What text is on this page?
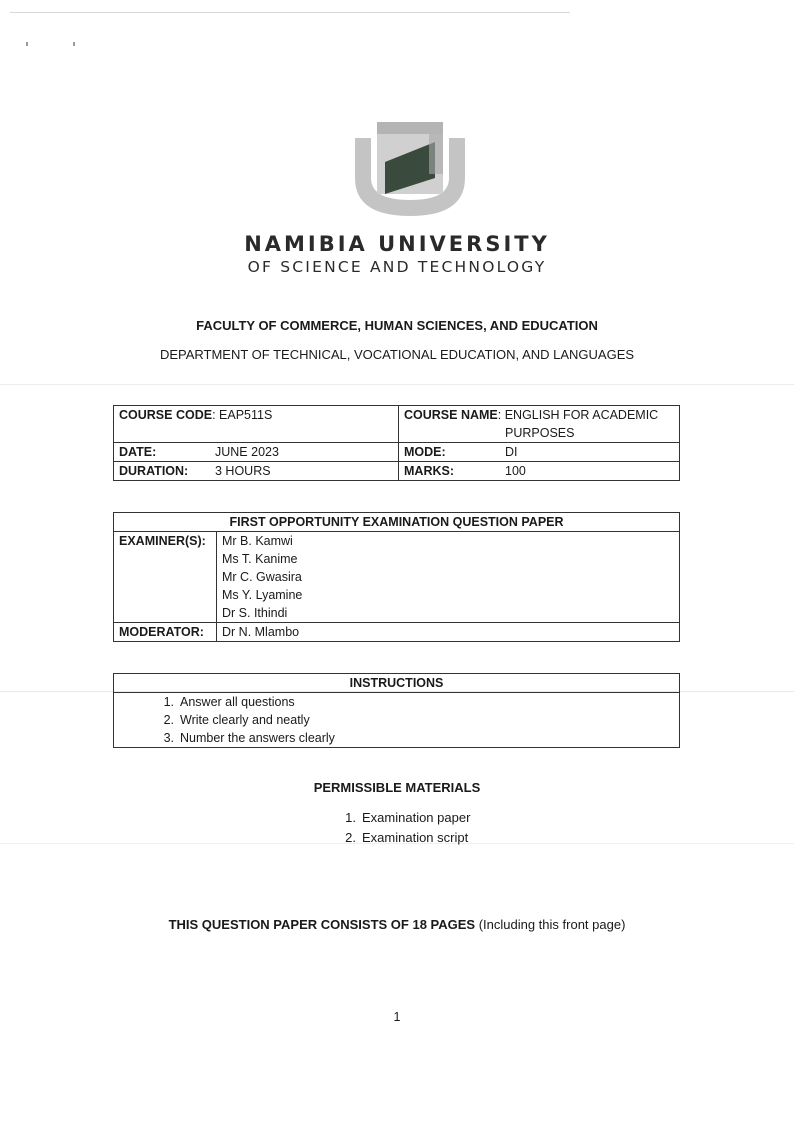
NAMIBIA UNIVERSITY
OF SCIENCE AND TECHNOLOGY
FACULTY OF COMMERCE, HUMAN SCIENCES, AND EDUCATION
DEPARTMENT OF TECHNICAL, VOCATIONAL EDUCATION, AND LANGUAGES
COURSE CODE: EAP511S	COURSE NAME: ENGLISH FOR ACADEMIC
PURPOSES
DATE: JUNE 2023	MODE: DI
DURATION: 3 HOURS	MARKS: 100
FIRST OPPORTUNITY EXAMINATION QUESTION PAPER	
EXAMINER(S):	Mr B. Kamwi
Ms T. Kanime
Mr C. Gwasira
Ms Y. Lyamine
Dr S. Ithindi

MODERATOR:	Dr N. Mlambo
INSTRUCTIONS

1. Answer all questions
2. Write clearly and neatly
3. Number the answers clearly
PERMISSIBLE MATERIALS
1. Examination paper
2. Examination script
THIS QUESTION PAPER CONSISTS OF 18 PAGES (Including this front page)
1
